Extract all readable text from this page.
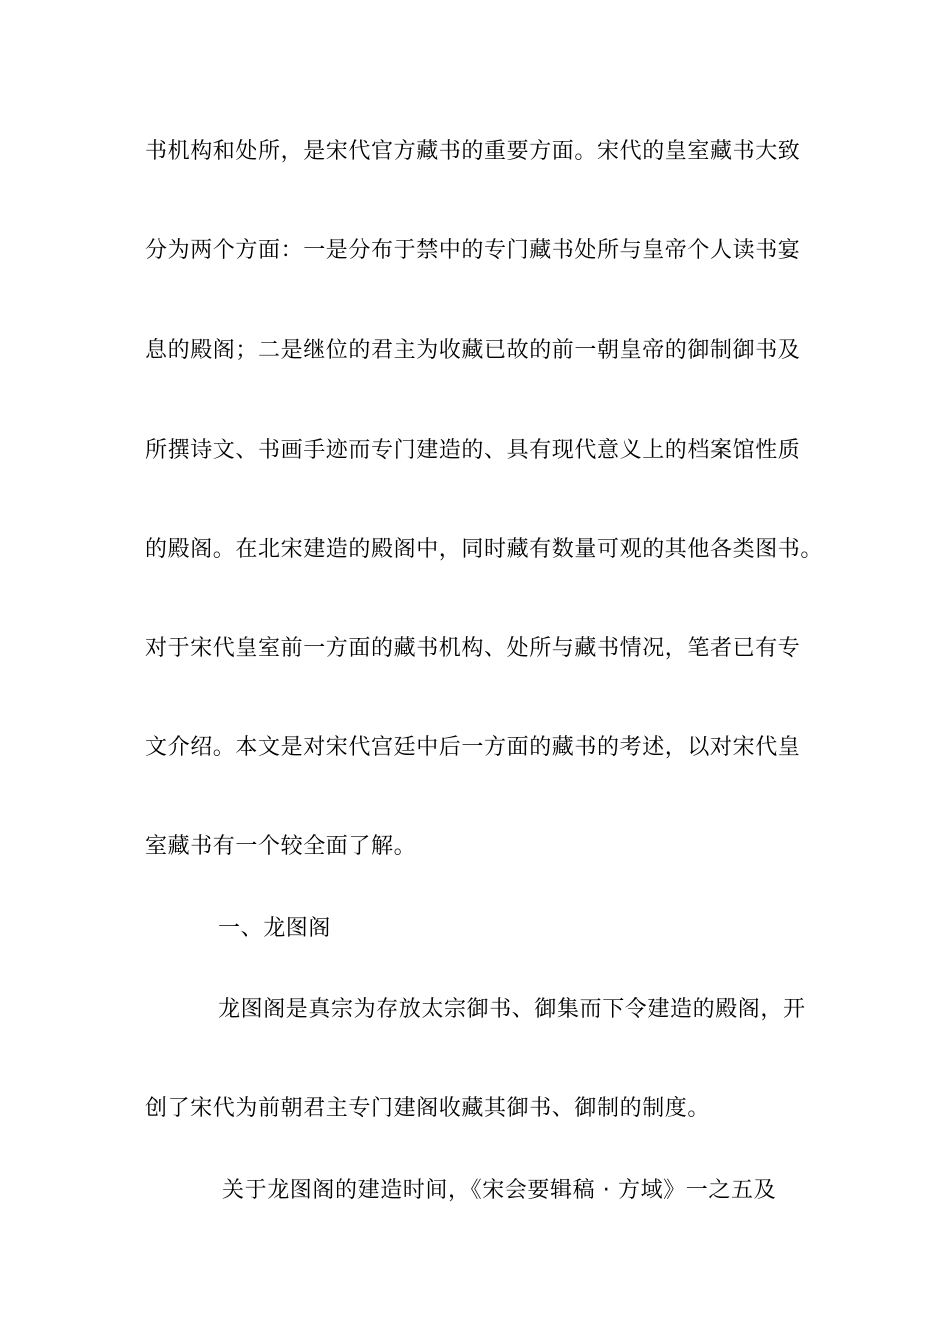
书机构和处所，是宋代官方藏书的重要方面。宋代的皇室藏书大致
分为两个方面：一是分布于禁中的专门藏书处所与皇帝个人读书宴
息的殿阁；二是继位的君主为收藏已故的前一朝皇帝的御制御书及
所撰诗文、书画手迹而专门建造的、具有现代意义上的档案馆性质
的殿阁。在北宋建造的殿阁中，同时藏有数量可观的其他各类图书。
对于宋代皇室前一方面的藏书机构、处所与藏书情况，笔者已有专
文介绍。本文是对宋代宫廷中后一方面的藏书的考述，以对宋代皇
室藏书有一个较全面了解。
一、龙图阁
龙图阁是真宗为存放太宗御书、御集而下令建造的殿阁，开
创了宋代为前朝君主专门建阁收藏其御书、御制的制度。
关于龙图阁的建造时间，《宋会要辑稿 · 方域》一之五及
